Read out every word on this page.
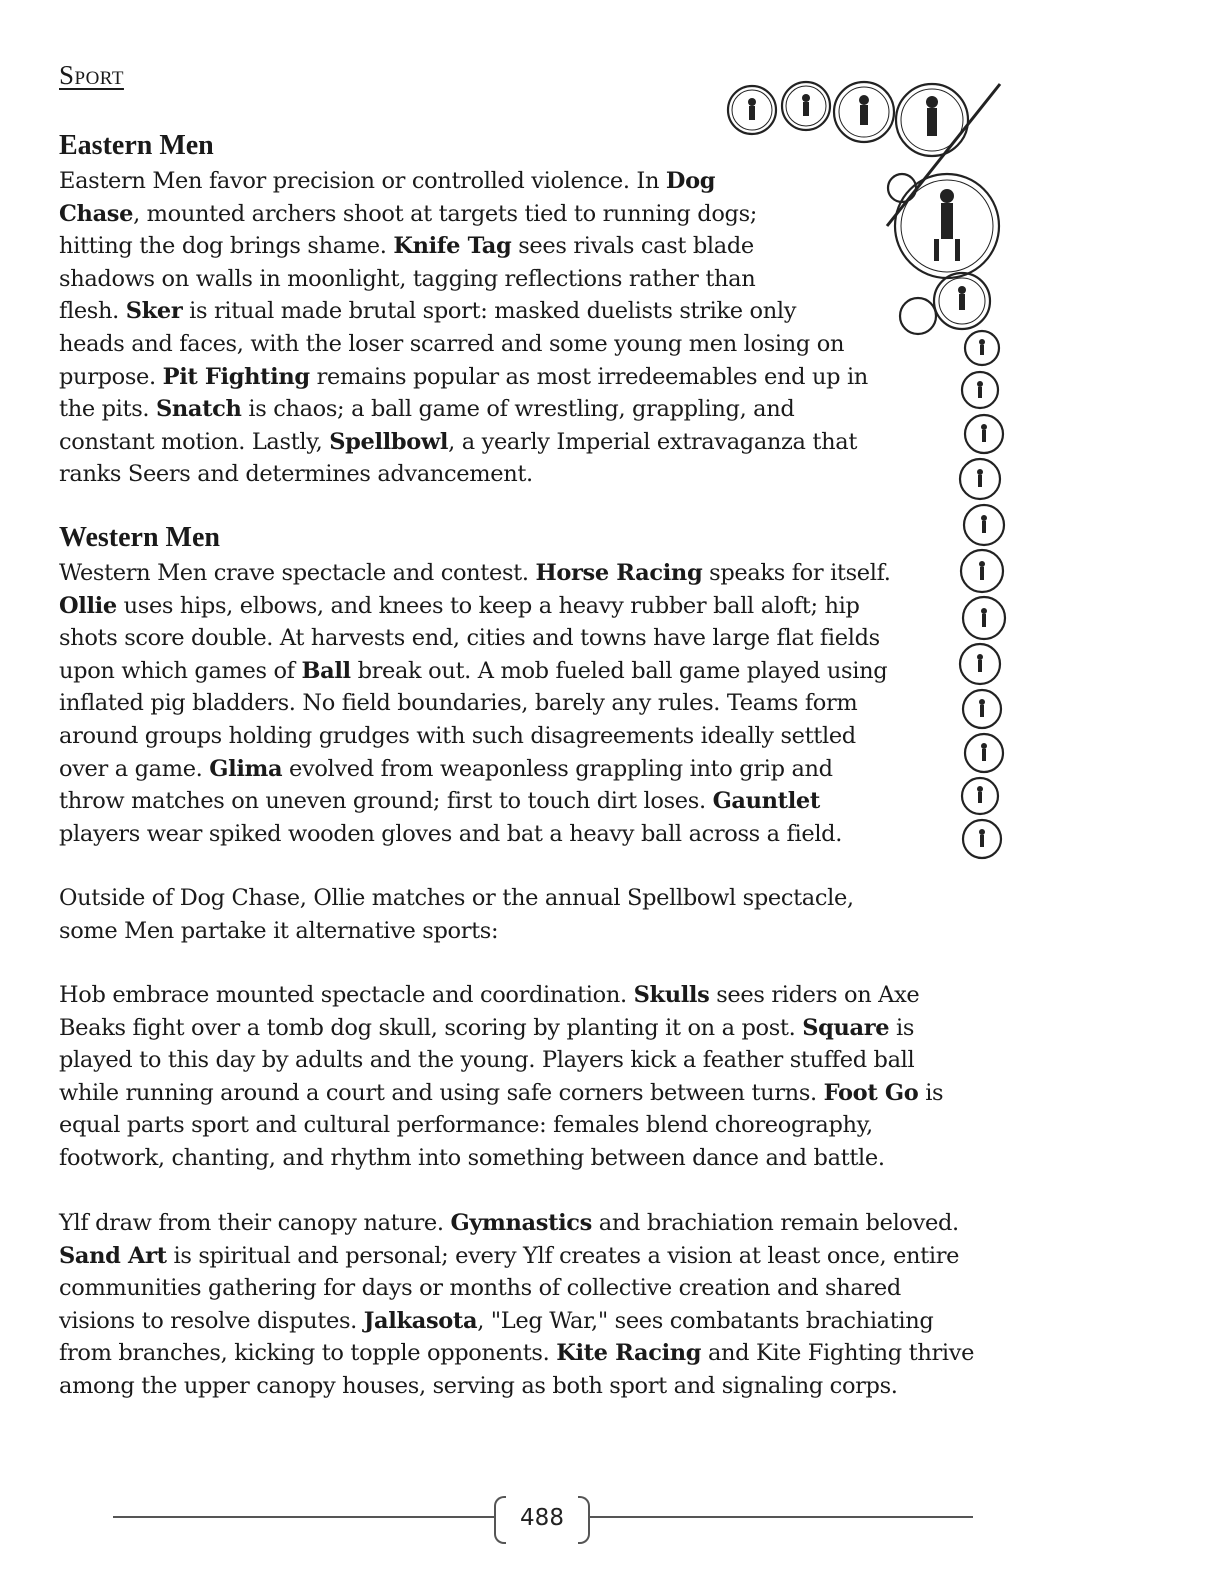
Sport
Eastern Men
Eastern Men favor precision or controlled violence. In Dog
Chase, mounted archers shoot at targets tied to running dogs;
hitting the dog brings shame. Knife Tag sees rivals cast blade
shadows on walls in moonlight, tagging reflections rather than
flesh. Sker is ritual made brutal sport: masked duelists strike only
heads and faces, with the loser scarred and some young men losing on
purpose. Pit Fighting remains popular as most irredeemables end up in
the pits. Snatch is chaos; a ball game of wrestling, grappling, and
constant motion. Lastly, Spellbowl, a yearly Imperial extravaganza that
ranks Seers and determines advancement.
Western Men
Western Men crave spectacle and contest. Horse Racing speaks for itself.
Ollie uses hips, elbows, and knees to keep a heavy rubber ball aloft; hip
shots score double. At harvests end, cities and towns have large flat fields
upon which games of Ball break out. A mob fueled ball game played using
inflated pig bladders. No field boundaries, barely any rules. Teams form
around groups holding grudges with such disagreements ideally settled
over a game. Glima evolved from weaponless grappling into grip and
throw matches on uneven ground; first to touch dirt loses. Gauntlet
players wear spiked wooden gloves and bat a heavy ball across a field.
Outside of Dog Chase, Ollie matches or the annual Spellbowl spectacle,
some Men partake it alternative sports:
Hob embrace mounted spectacle and coordination. Skulls sees riders on Axe
Beaks fight over a tomb dog skull, scoring by planting it on a post. Square is
played to this day by adults and the young. Players kick a feather stuffed ball
while running around a court and using safe corners between turns. Foot Go is
equal parts sport and cultural performance: females blend choreography,
footwork, chanting, and rhythm into something between dance and battle.
Ylf draw from their canopy nature. Gymnastics and brachiation remain beloved.
Sand Art is spiritual and personal; every Ylf creates a vision at least once, entire
communities gathering for days or months of collective creation and shared
visions to resolve disputes. Jalkasota, "Leg War," sees combatants brachiating
from branches, kicking to topple opponents. Kite Racing and Kite Fighting thrive
among the upper canopy houses, serving as both sport and signaling corps.
488
